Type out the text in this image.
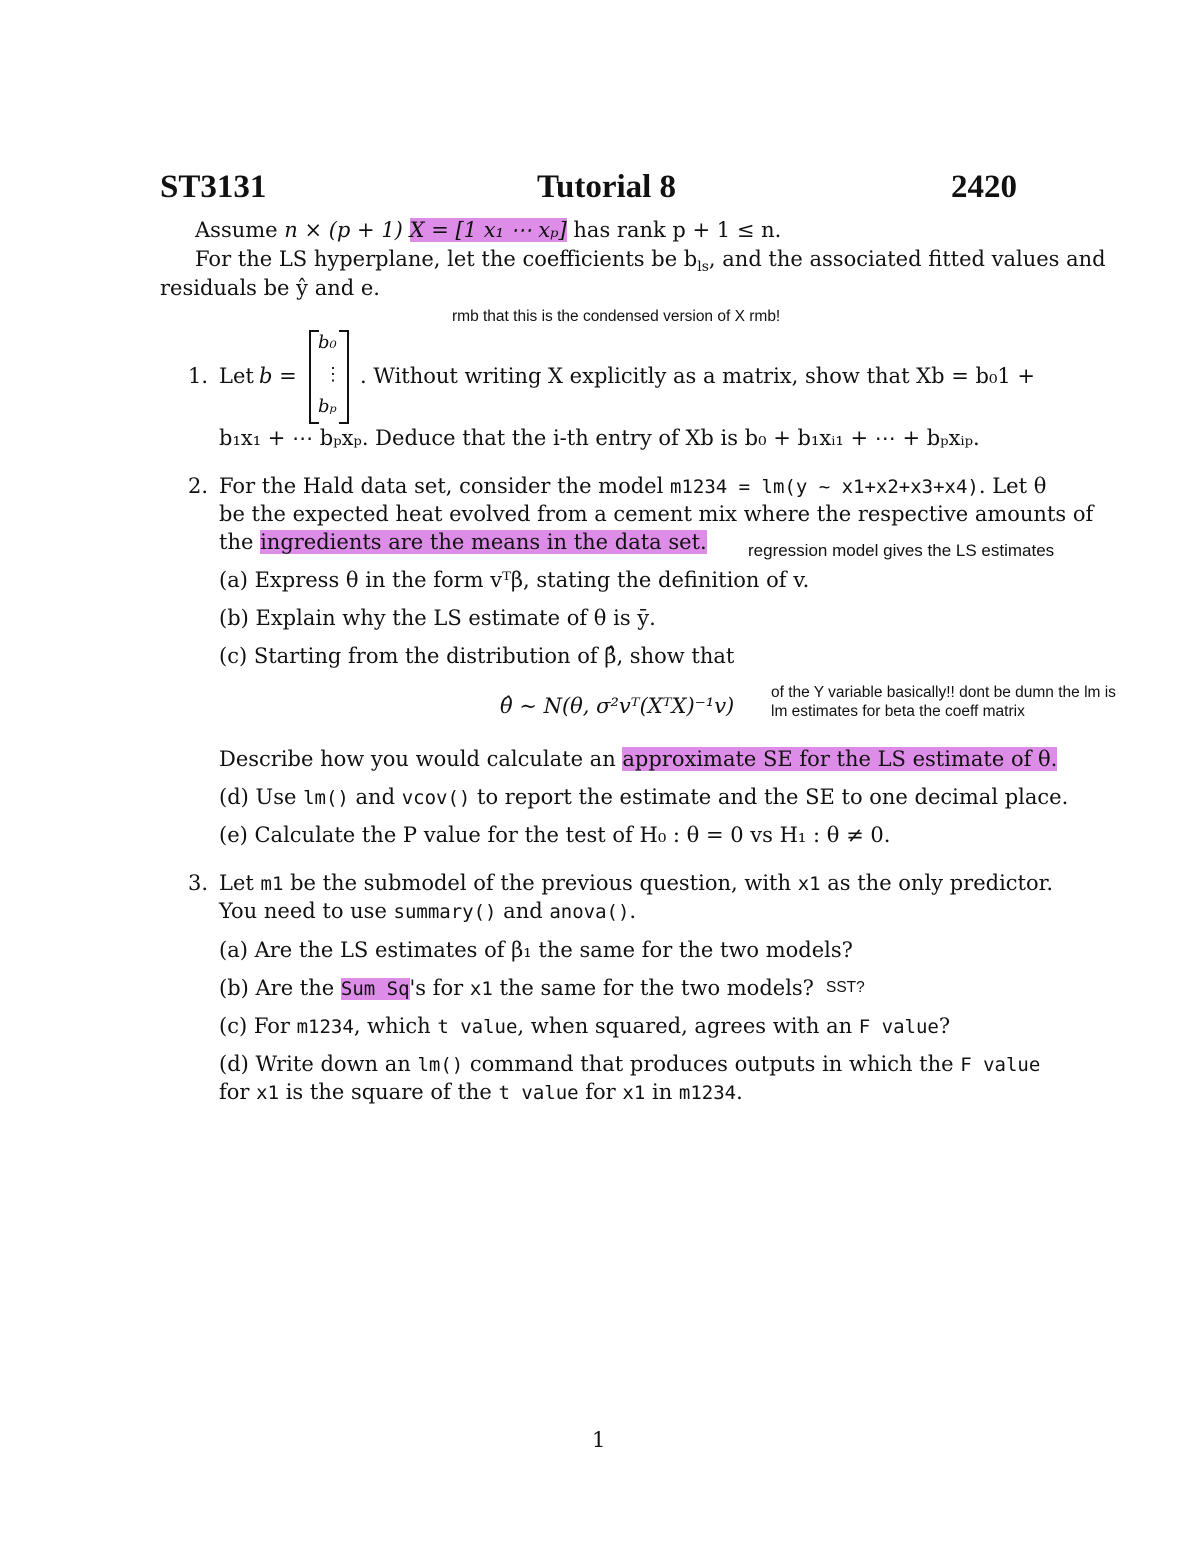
ST3131	Tutorial 8	2420
Assume n × (p + 1) X = [1 x₁ ⋯ xₚ] has rank p + 1 ≤ n.
For the LS hyperplane, let the coefficients be $b_{ls}$, and the associated fitted values and
residuals be ŷ and e.
rmb that this is the condensed version of X rmb!
1. Let b =
b₀
⋮
bₚ
. Without writing X explicitly as a matrix, show that Xb = b₀1 +
b₁x₁ + ⋯ bₚxₚ. Deduce that the i-th entry of Xb is b₀ + b₁xᵢ₁ + ⋯ + bₚxᵢₚ.
2. For the Hald data set, consider the model m1234 = lm(y ~ x1+x2+x3+x4). Let θ
be the expected heat evolved from a cement mix where the respective amounts of
the ingredients are the means in the data set. regression model gives the LS estimates
(a) Express θ in the form vᵀβ, stating the definition of v.
(b) Explain why the LS estimate of θ is ȳ.
(c) Starting from the distribution of β̂, show that
θ̂ ∼ N(θ, σ²vᵀ(XᵀX)⁻¹v)
of the Y variable basically!! dont be dumn the lm is
lm estimates for beta the coeff matrix
Describe how you would calculate an approximate SE for the LS estimate of θ.
(d) Use lm() and vcov() to report the estimate and the SE to one decimal place.
(e) Calculate the P value for the test of H₀ : θ = 0 vs H₁ : θ ≠ 0.
3. Let m1 be the submodel of the previous question, with x1 as the only predictor.
You need to use summary() and anova().
(a) Are the LS estimates of β₁ the same for the two models?
(b) Are the Sum Sq's for x1 the same for the two models? SST?
(c) For m1234, which t value, when squared, agrees with an F value?
(d) Write down an lm() command that produces outputs in which the F value
for x1 is the square of the t value for x1 in m1234.
1
